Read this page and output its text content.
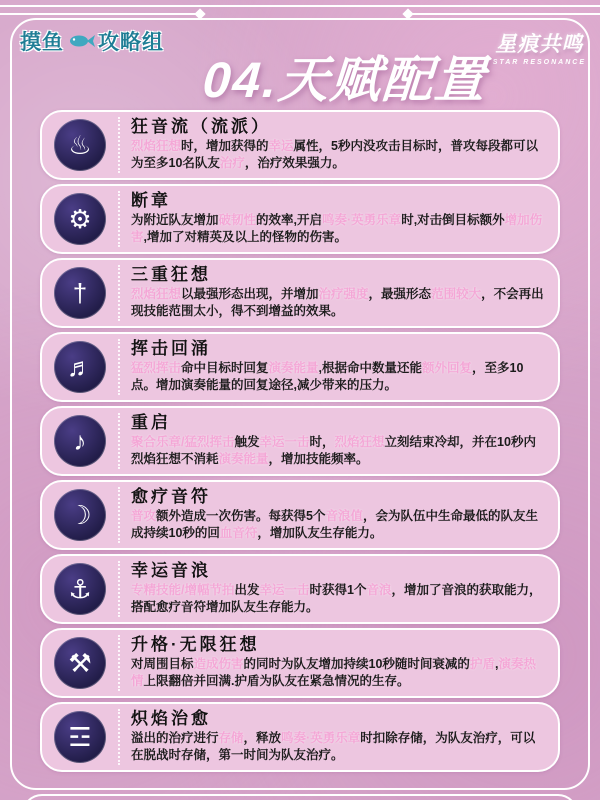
摸鱼 攻略组	星痕共鸣
STAR RESONANCE
04.天赋配置
♨
狂音流（流派）
烈焰狂想时，增加获得的幸运属性，5秒内没攻击目标时，普攻每段都可以为至多10名队友治疗，治疗效果强力。
⚙
断章
为附近队友增加破韧性的效率,开启鸣奏·英勇乐章时,对击倒目标额外增加伤害,增加了对精英及以上的怪物的伤害。
†
三重狂想
烈焰狂想以最强形态出现，并增加治疗强度，最强形态范围较大，不会再出现技能范围太小，得不到增益的效果。
♬
挥击回涌
猛烈挥击命中目标时回复演奏能量,根据命中数量还能额外回复，至多10点。增加演奏能量的回复途径,减少带来的压力。
♪
重启
聚合乐章/猛烈挥击触发幸运一击时，烈焰狂想立刻结束冷却，并在10秒内烈焰狂想不消耗演奏能量，增加技能频率。
☽
愈疗音符
普攻额外造成一次伤害。每获得5个音浪值，会为队伍中生命最低的队友生成持续10秒的回血音符，增加队友生存能力。
⚓
幸运音浪
专精技能/增幅节拍出发幸运一击时获得1个音浪，增加了音浪的获取能力，搭配愈疗音符增加队友生存能力。
⚒
升格·无限狂想
对周围目标造成伤害的同时为队友增加持续10秒随时间衰减的护盾,演奏热情上限翻倍并回满.护盾为队友在紧急情况的生存。
☲
炽焰治愈
溢出的治疗进行存储，释放鸣奏·英勇乐章时扣除存储，为队友治疗，可以在脱战时存储，第一时间为队友治疗。
